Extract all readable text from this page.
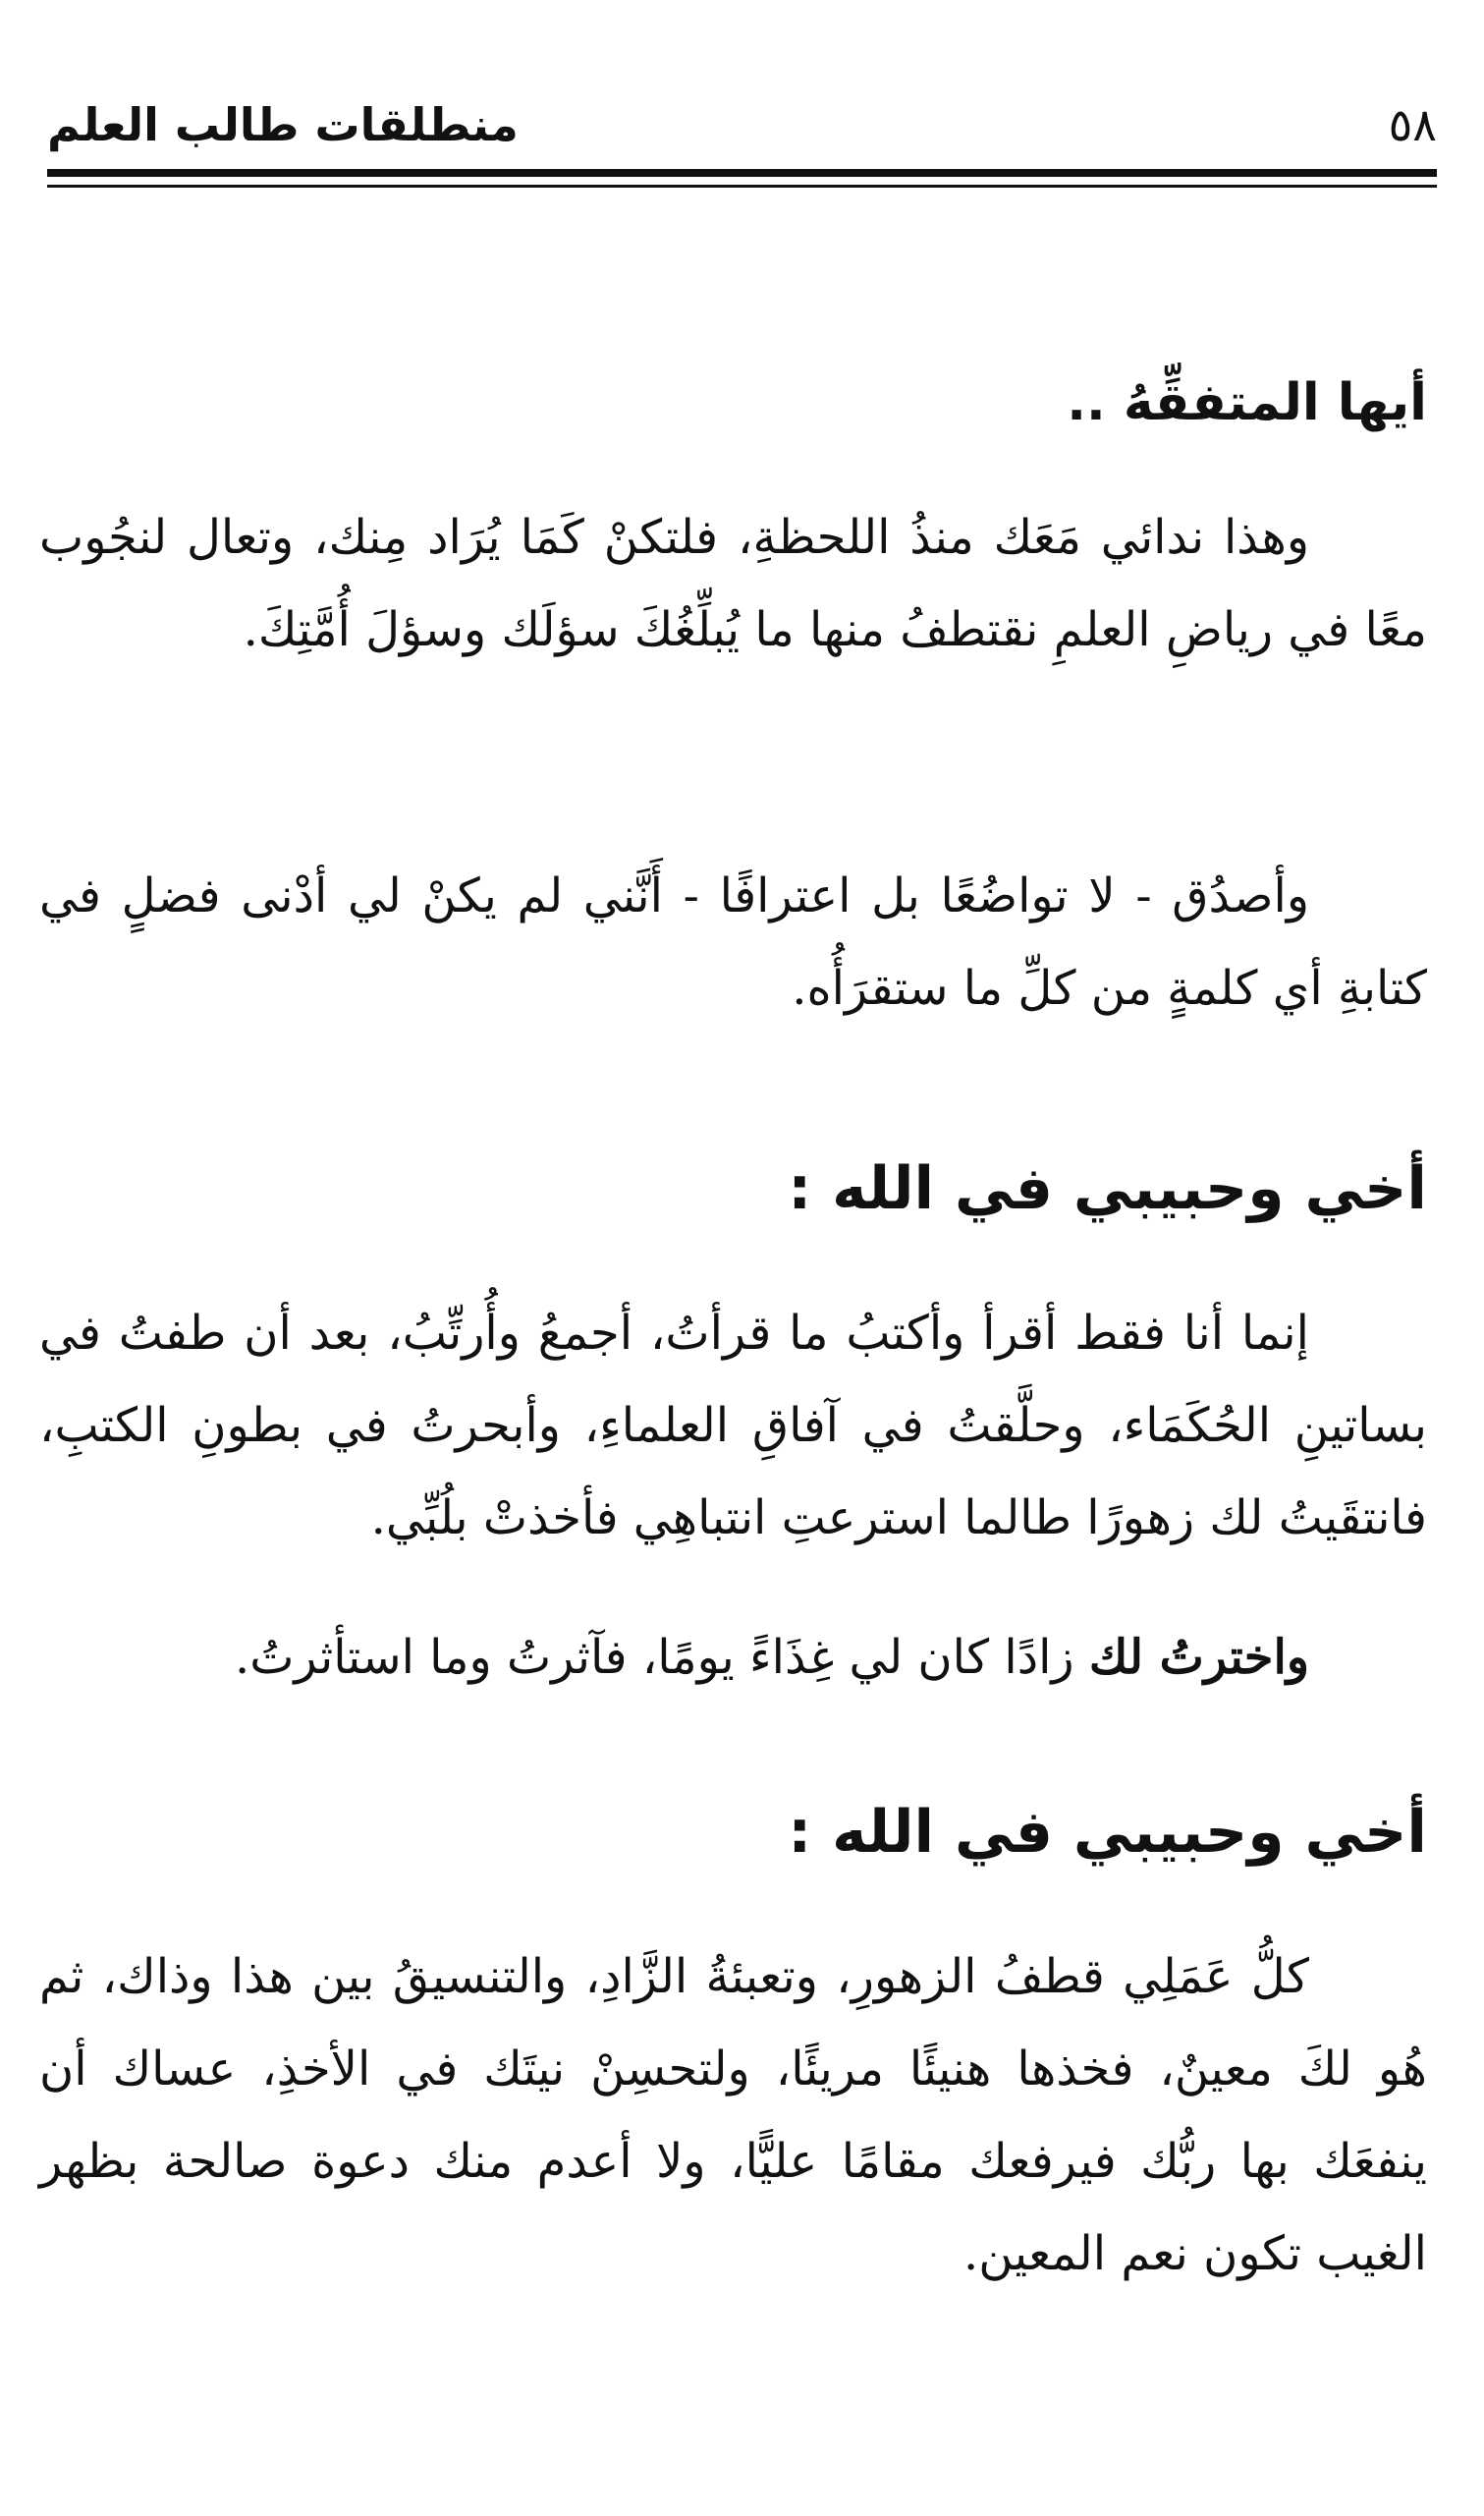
٥٨
منطلقات طالب العلم
أيها المتفقِّهُ ..

وهذا ندائي مَعَك منذُ اللحظةِ، فلتكنْ كَمَا يُرَاد مِنك، وتعال لنجُوب معًا في رياضِ العلمِ نقتطفُ منها ما يُبلِّغُكَ سؤلَك وسؤلَ أُمَّتِكَ.

وأصدُق - لا تواضُعًا بل اعترافًا - أَنَّني لم يكنْ لي أدْنى فضلٍ في كتابةِ أي كلمةٍ من كلِّ ما ستقرَأُه.

أخي وحبيبي في الله :

إنما أنا فقط أقرأ وأكتبُ ما قرأتُ، أجمعُ وأُرتِّبُ، بعد أن طفتُ في بساتينِ الحُكَمَاء، وحلَّقتُ في آفاقِ العلماءِ، وأبحرتُ في بطونِ الكتبِ، فانتقَيتُ لك زهورًا طالما استرعتِ انتباهِي فأخذتْ بلُبِّي.

واخترتُ لك زادًا كان لي غِذَاءً يومًا، فآثرتُ وما استأثرتُ.

أخي وحبيبي في الله :

كلُّ عَمَلِي قطفُ الزهورِ، وتعبئةُ الزَّادِ، والتنسيقُ بين هذا وذاك، ثم هُو لكَ معينٌ، فخذها هنيئًا مريئًا، ولتحسِنْ نيتَك في الأخذِ، عساك أن ينفعَك بها ربُّك فيرفعك مقامًا عليًّا، ولا أعدم منك دعوة صالحة بظهر الغيب تكون نعم المعين.
